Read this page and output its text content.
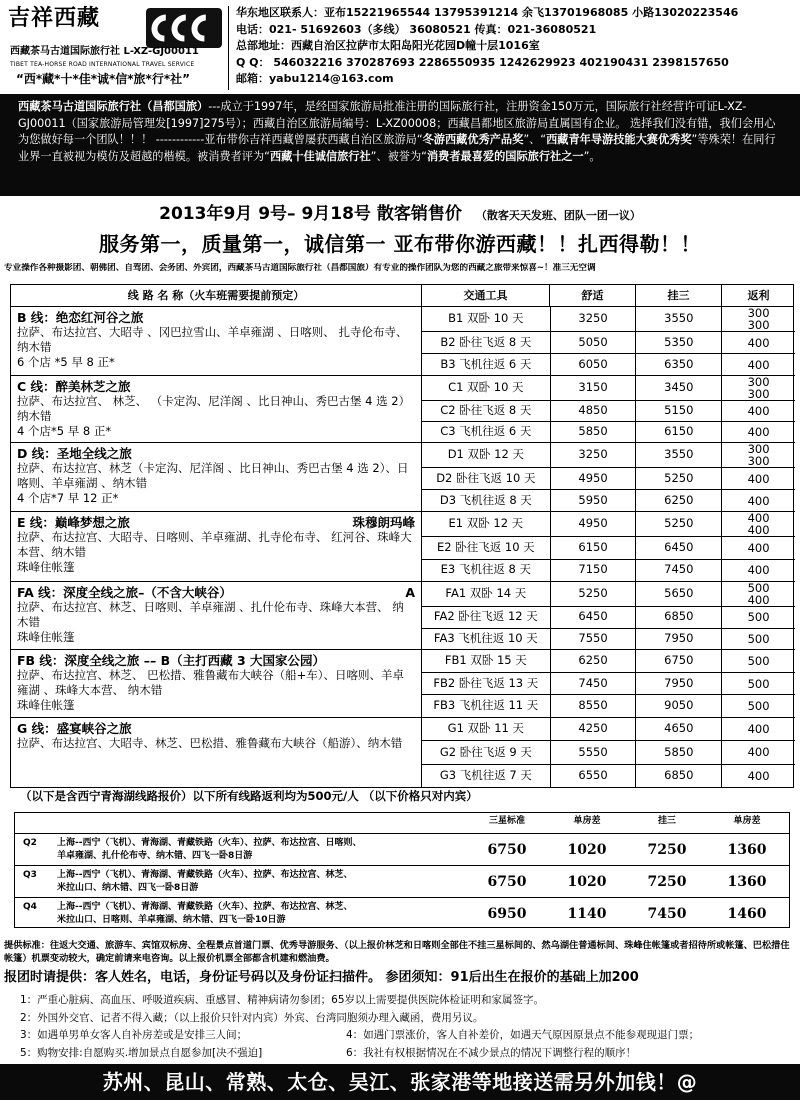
吉祥西藏
西藏茶马古道国际旅行社 L-XZ-GJ00011
TIBET TEA-HORSE ROAD INTERNATIONAL TRAVEL SERVICE
“西*藏*十*佳*诚*信*旅*行*社”
华东地区联系人：亚布15221965544 13795391214 余飞13701968085 小路13020223546
电话：021- 51692603（多线） 36080521 传真：021-36080521
总部地址：西藏自治区拉萨市太阳岛阳光花园D幢十层1016室
Q Q： 546032216 370287693 2286550935 1242629923 402190431 2398157650
邮箱：yabu1214@163.com
西藏茶马古道国际旅行社（昌都国旅）---成立于1997年，是经国家旅游局批准注册的国际旅行社，注册资金150万元，国际旅行社经营许可证L-XZ-GJ00011（国家旅游局管理发[1997]275号）；西藏自治区旅游局编号：L-XZ00008；西藏昌都地区旅游局直属国有企业。 选择我们没有错，我们会用心为您做好每一个团队！！！ ------------亚布带你吉祥西藏曾屡获西藏自治区旅游局“冬游西藏优秀产品奖”、“西藏青年导游技能大赛优秀奖”等殊荣！在同行业界一直被视为模仿及超越的楷模。被消费者评为“西藏十佳诚信旅行社”、被誉为“消费者最喜爱的国际旅行社之一”。
2013年9月 9号– 9月18号 散客销售价 （散客天天发班、团队一团一议）
服务第一，质量第一，诚信第一 亚布带你游西藏！！扎西得勒！！
专业操作各种摄影团、朝佛团、自驾团、会务团、外宾团，西藏茶马古道国际旅行社（昌都国旅）有专业的操作团队为您的西藏之旅带来惊喜~！准三无空调
线 路 名 称（火车班需要提前预定）	交通工具	舒适	挂三	返利
B 线：绝恋红河谷之旅
拉萨、布达拉宫、大昭寺 、冈巴拉雪山、羊卓雍湖 、日喀则、 扎寺伦布寺、纳木错
6 个店 *5 早 8 正*
B1 双卧 10 天	3250	3550	300
300
B2 卧往飞返 8 天	5050	5350	400
B3 飞机往返 6 天	6050	6350	400
C 线：醉美林芝之旅
拉萨、布达拉宫、 林芝、 （卡定沟、尼洋阁 、比日神山、秀巴古堡 4 选 2） 纳木错
4 个店*5 早 8 正*
C1 双卧 10 天	3150	3450	300
300
C2 卧往飞返 8 天	4850	5150	400
C3 飞机往返 6 天	5850	6150	400
D 线：圣地全线之旅
拉萨、布达拉宫、林芝（卡定沟、尼洋阁 、比日神山、秀巴古堡 4 选 2）、日喀则、羊卓雍湖 、纳木错
4 个店*7 早 12 正*
D1 双卧 12 天	3250	3550	300
300
D2 卧往飞返 10 天	4950	5250	400
D3 飞机往返 8 天	5950	6250	400
E 线：巅峰梦想之旅	珠穆朗玛峰
拉萨、布达拉宫、大昭寺、日喀则、羊卓雍湖、扎寺伦布寺、 红河谷、珠峰大本营、纳木错
珠峰住帐篷
E1 双卧 12 天	4950	5250	400
400
E2 卧往飞返 10 天	6150	6450	400
E3 飞机往返 8 天	7150	7450	400
FA 线：深度全线之旅–（不含大峡谷）	A
拉萨、布达拉宫、林芝、日喀则、羊卓雍湖 、扎什伦布寺、珠峰大本营、 纳木错
珠峰住帐篷
FA1 双卧 14 天	5250	5650	500
400
FA2 卧往飞返 12 天	6450	6850	500
FA3 飞机往返 10 天	7550	7950	500
FB 线：深度全线之旅 –– B（主打西藏 3 大国家公园）
拉萨、布达拉宫、林芝、 巴松措、雅鲁藏布大峡谷（船+车）、日喀则、羊卓雍湖 、珠峰大本营、 纳木错
珠峰住帐篷
FB1 双卧 15 天	6250	6750	500
FB2 卧往飞返 13 天	7450	7950	500
FB3 飞机往返 11 天	8550	9050	500
G 线：盛宴峡谷之旅
拉萨、布达拉宫、大昭寺、林芝、巴松措、雅鲁藏布大峡谷（船游）、纳木错
G1 双卧 11 天	4250	4650	400
G2 卧往飞返 9 天	5550	5850	400
G3 飞机往返 7 天	6550	6850	400
（以下是含西宁青海湖线路报价）以下所有线路返利均为500元/人 （以下价格只对内宾）
三星标准	单房差	挂三	单房差
Q2 上海--西宁（飞机）、青海湖、青藏铁路（火车）、拉萨、布达拉宫、日喀则、
羊卓雍湖、扎什伦布寺、纳木错、四飞一卧8日游	6750	1020	7250	1360
Q3 上海--西宁（飞机）、青海湖、青藏铁路（火车）、拉萨、布达拉宫、林芝、
米拉山口、纳木错、四飞一卧8日游	6750	1020	7250	1360
Q4 上海--西宁（飞机）、青海湖、青藏铁路（火车）、拉萨、布达拉宫、林芝、
米拉山口、日喀则、羊卓雍湖、纳木错、四飞一卧10日游	6950	1140	7450	1460
提供标准：往返大交通、旅游车、宾馆双标房、全程景点首道门票、优秀导游服务、（以上报价林芝和日喀则全部住不挂三星标间的、然乌湖住普通标间、珠峰住帐篷或者招待所或帐篷、巴松措住帐篷）机票变动较大，确定前请来电咨询。以上报价机票全部都含机建和燃油费。
报团时请提供：客人姓名，电话，身份证号码以及身份证扫描件。 参团须知：91后出生在报价的基础上加200
1：严重心脏病、高血压、呼吸道疾病、重感冒、精神病请勿参团；65岁以上需要提供医院体检证明和家属签字。
2：外国外交官、记者不得入藏；（以上报价只针对内宾）外宾、台湾同胞须办理入藏函，费用另议。
3：如遇单男单女客人自补房差或是安排三人间；	4：如遇门票涨价，客人自补差价，如遇天气原因原景点不能参观现退门票；
5：购物安排:自愿购买.增加景点自愿参加[决不强迫]	6：我社有权根据情况在不减少景点的情况下调整行程的顺序！
苏州、昆山、常熟、太仓、吴江、张家港等地接送需另外加钱！@
